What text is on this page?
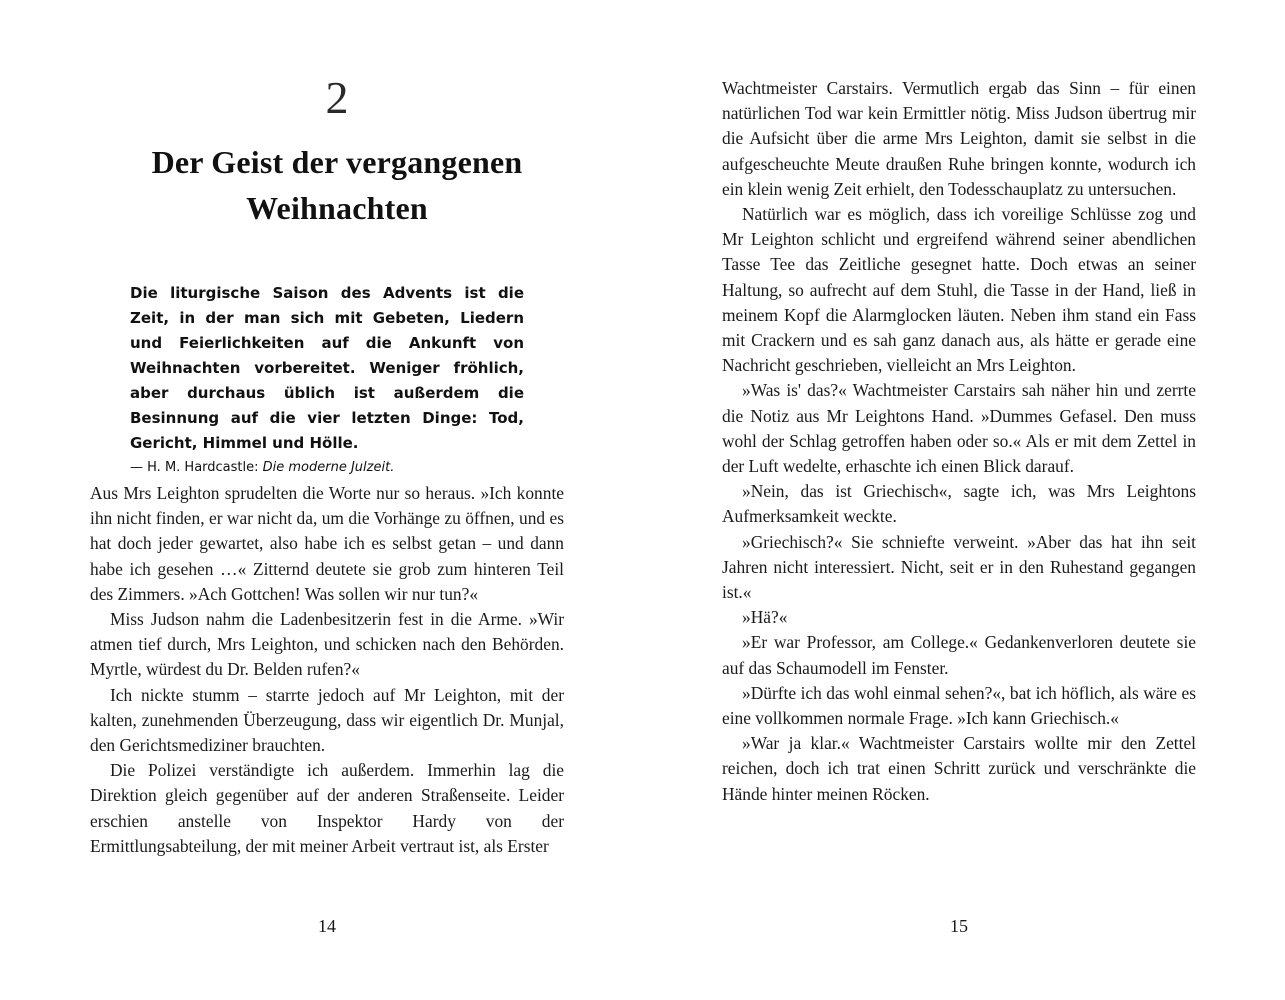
2
Der Geist der vergangenen
Weihnachten

Die liturgische Saison des Advents ist die Zeit, in der man sich mit Gebeten, Liedern und Feierlichkeiten auf die Ankunft von Weihnachten vorbereitet. Weniger fröhlich, aber durchaus üblich ist außerdem die Besinnung auf die vier letzten Dinge: Tod, Gericht, Himmel und Hölle.

— H. M. Hardcastle: Die moderne Julzeit.

Aus Mrs Leighton sprudelten die Worte nur so heraus. »Ich konnte ihn nicht finden, er war nicht da, um die Vorhänge zu öffnen, und es hat doch jeder gewartet, also habe ich es selbst getan – und dann habe ich gesehen …« Zitternd deutete sie grob zum hinteren Teil des Zimmers. »Ach Gottchen! Was sollen wir nur tun?«

Miss Judson nahm die Ladenbesitzerin fest in die Arme. »Wir atmen tief durch, Mrs Leighton, und schicken nach den Behörden. Myrtle, würdest du Dr. Belden rufen?«

Ich nickte stumm – starrte jedoch auf Mr Leighton, mit der kalten, zunehmenden Überzeugung, dass wir eigentlich Dr. Munjal, den Gerichtsmediziner brauchten.

Die Polizei verständigte ich außerdem. Immerhin lag die Direktion gleich gegenüber auf der anderen Straßenseite. Leider erschien anstelle von Inspektor Hardy von der Ermittlungsabteilung, der mit meiner Arbeit vertraut ist, als Erster

14

Wachtmeister Carstairs. Vermutlich ergab das Sinn – für einen natürlichen Tod war kein Ermittler nötig. Miss Judson übertrug mir die Aufsicht über die arme Mrs Leighton, damit sie selbst in die aufgescheuchte Meute draußen Ruhe bringen konnte, wodurch ich ein klein wenig Zeit erhielt, den Todesschauplatz zu untersuchen.

Natürlich war es möglich, dass ich voreilige Schlüsse zog und Mr Leighton schlicht und ergreifend während seiner abendlichen Tasse Tee das Zeitliche gesegnet hatte. Doch etwas an seiner Haltung, so aufrecht auf dem Stuhl, die Tasse in der Hand, ließ in meinem Kopf die Alarmglocken läuten. Neben ihm stand ein Fass mit Crackern und es sah ganz danach aus, als hätte er gerade eine Nachricht geschrieben, vielleicht an Mrs Leighton.

»Was is' das?« Wachtmeister Carstairs sah näher hin und zerrte die Notiz aus Mr Leightons Hand. »Dummes Gefasel. Den muss wohl der Schlag getroffen haben oder so.« Als er mit dem Zettel in der Luft wedelte, erhaschte ich einen Blick darauf.

»Nein, das ist Griechisch«, sagte ich, was Mrs Leightons Aufmerksamkeit weckte.

»Griechisch?« Sie schniefte verweint. »Aber das hat ihn seit Jahren nicht interessiert. Nicht, seit er in den Ruhestand gegangen ist.«

»Hä?«

»Er war Professor, am College.« Gedankenverloren deutete sie auf das Schaumodell im Fenster.

»Dürfte ich das wohl einmal sehen?«, bat ich höflich, als wäre es eine vollkommen normale Frage. »Ich kann Griechisch.«

»War ja klar.« Wachtmeister Carstairs wollte mir den Zettel reichen, doch ich trat einen Schritt zurück und verschränkte die Hände hinter meinen Röcken.

15
